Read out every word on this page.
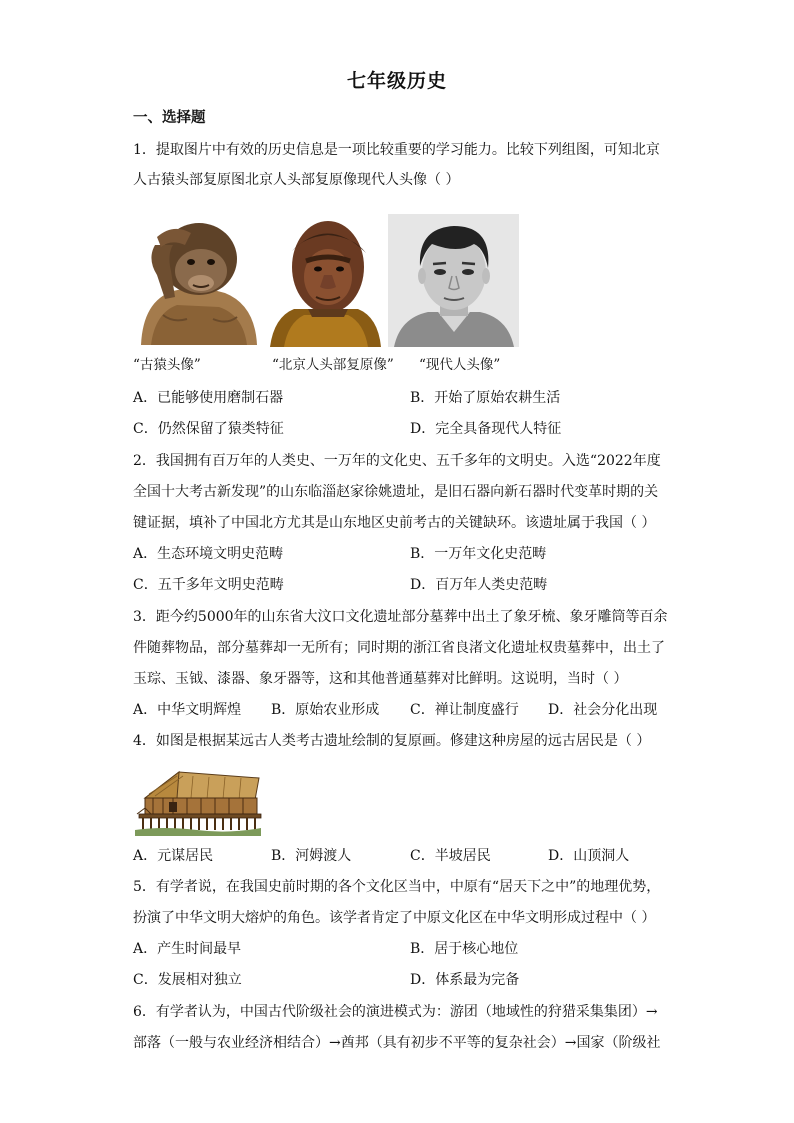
七年级历史
一、选择题
1．提取图片中有效的历史信息是一项比较重要的学习能力。比较下列组图，可知北京
人古猿头部复原图北京人头部复原像现代人头像（ ）
“古猿头像”	“北京人头部复原像” “现代人头像”
A．已能够使用磨制石器	B．开始了原始农耕生活
C．仍然保留了猿类特征	D．完全具备现代人特征
2．我国拥有百万年的人类史、一万年的文化史、五千多年的文明史。入选“2022年度
全国十大考古新发现”的山东临淄赵家徐姚遗址，是旧石器向新石器时代变革时期的关
键证据，填补了中国北方尤其是山东地区史前考古的关键缺环。该遗址属于我国（ ）
A．生态环境文明史范畴	B．一万年文化史范畴
C．五千多年文明史范畴	D．百万年人类史范畴
3．距今约5000年的山东省大汶口文化遗址部分墓葬中出土了象牙梳、象牙雕筒等百余
件随葬物品，部分墓葬却一无所有；同时期的浙江省良渚文化遗址权贵墓葬中，出土了
玉琮、玉钺、漆器、象牙器等，这和其他普通墓葬对比鲜明。这说明，当时（ ）
A．中华文明辉煌 B．原始农业形成 C．禅让制度盛行 D．社会分化出现
4．如图是根据某远古人类考古遗址绘制的复原画。修建这种房屋的远古居民是（ ）
A．元谋居民	B．河姆渡人	C．半坡居民	D．山顶洞人
5．有学者说，在我国史前时期的各个文化区当中，中原有“居天下之中”的地理优势，
扮演了中华文明大熔炉的角色。该学者肯定了中原文化区在中华文明形成过程中（ ）
A．产生时间最早	B．居于核心地位
C．发展相对独立	D．体系最为完备
6．有学者认为，中国古代阶级社会的演进模式为：游团（地域性的狩猎采集集团）→
部落（一般与农业经济相结合）→酋邦（具有初步不平等的复杂社会）→国家（阶级社
